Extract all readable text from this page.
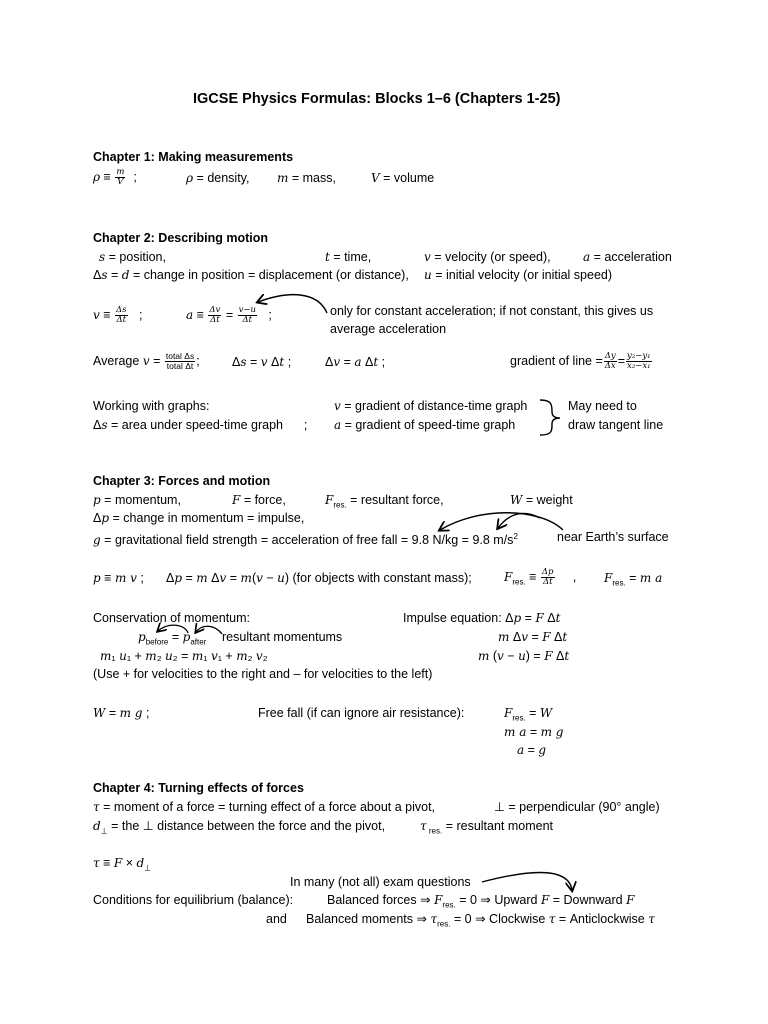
IGCSE Physics Formulas: Blocks 1–6 (Chapters 1-25)
Chapter 1: Making measurements
$\rho \equiv \frac{m}{V}$ ;	ρ = density, m = mass,	V = volume
Chapter 2: Describing motion
s = position,	t = time,	v = velocity (or speed),	a = acceleration
Δs = d = change in position = displacement (or distance), u = initial velocity (or initial speed)
$v \equiv \frac{\Delta s}{\Delta t}$ ;	$a \equiv \frac{\Delta v}{\Delta t} = \frac{v-u}{\Delta t}$ ;	only for constant acceleration; if not constant, this gives us
average acceleration
Average $v = \frac{\text{total Δs}}{\text{total Δt}}$ ;	Δs = v Δt ;	Δv = a Δt ;	gradient of line = $\frac{\Delta y}{\Delta x} = \frac{\text{y₂−y₁}}{\text{x₂−x₁}}$
Working with graphs:	v = gradient of distance-time graph
Δs = area under speed-time graph      ; a = gradient of speed-time graph
May need to
draw tangent line
Chapter 3: Forces and motion
p = momentum,	F = force,	$F_{res.}$ = resultant force,	W = weight
Δp = change in momentum = impulse,
g = gravitational field strength = acceleration of free fall = 9.8 N/kg = 9.8 $m/s^2$	near Earth’s surface
p ≡ m v ; Δp = m Δv = m(v − u) (for objects with constant mass);	$F_{res.} \equiv \frac{\Delta p}{\Delta t}$ , $F_{res.} = m$ a
Conservation of momentum:	Impulse equation: Δp = F Δt
$p_{before} = p_{after}$ resultant momentums	m Δv = F Δt
m₁ u₁ + m₂ u₂ = m₁ v₁ + m₂ v₂	m (v − u) = F Δt
(Use + for velocities to the right and – for velocities to the left)
W = m g ;	Free fall (if can ignore air resistance):	$F_{res.} = W$
m a = m g
a = g
Chapter 4: Turning effects of forces
τ = moment of a force = turning effect of a force about a pivot,	⊥ = perpendicular (90° angle)
$d_\perp$ = the ⊥ distance between the force and the pivot,	τ $_{res.}$ = resultant moment
$\tau \equiv F \times d_\perp$
In many (not all) exam questions
Conditions for equilibrium (balance):	Balanced forces ⇒ $F_{res.} = 0$ ⇒ Upward F = Downward F
and Balanced moments ⇒ $\tau_{res.} = 0$ ⇒ Clockwise τ = Anticlockwise τ
